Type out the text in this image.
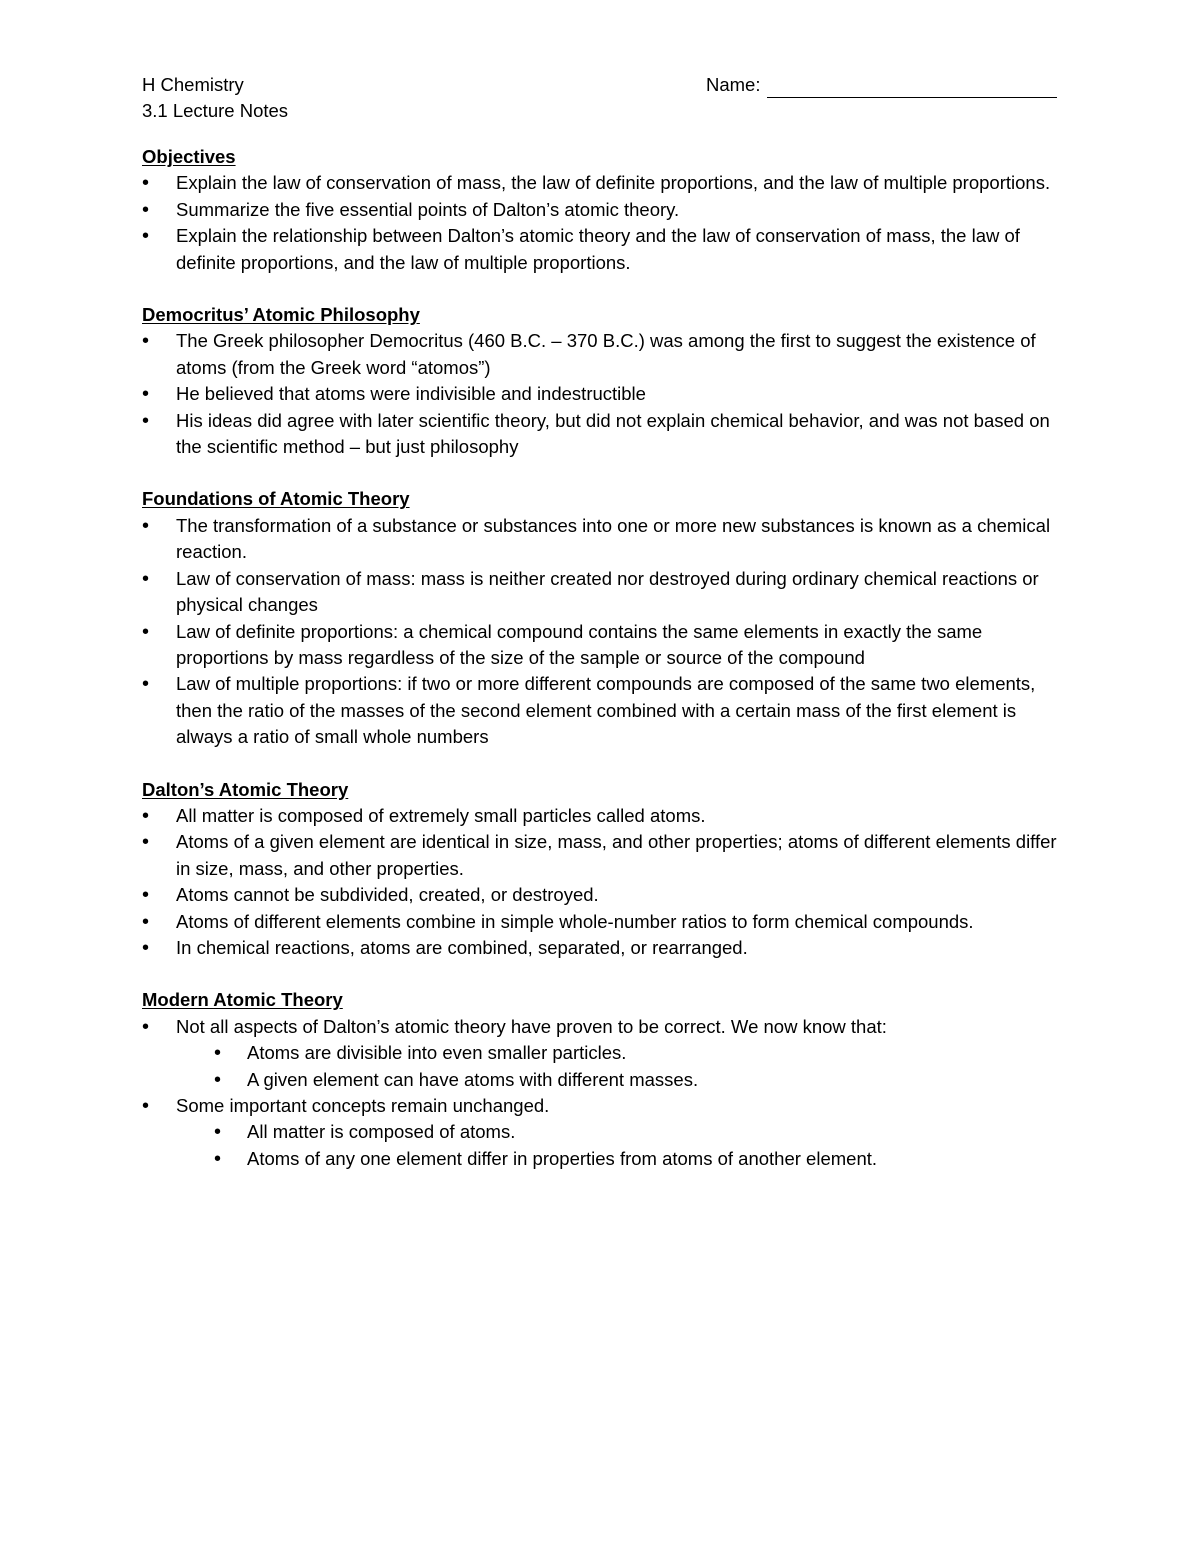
H Chemistry
3.1 Lecture Notes
Name:
Objectives
• Explain the law of conservation of mass, the law of definite proportions, and the law of multiple proportions.
• Summarize the five essential points of Dalton’s atomic theory.
• Explain the relationship between Dalton’s atomic theory and the law of conservation of mass, the law of definite proportions, and the law of multiple proportions.
Democritus’ Atomic Philosophy
• The Greek philosopher Democritus (460 B.C. – 370 B.C.) was among the first to suggest the existence of atoms (from the Greek word “atomos”)
• He believed that atoms were indivisible and indestructible
• His ideas did agree with later scientific theory, but did not explain chemical behavior, and was not based on the scientific method – but just philosophy
Foundations of Atomic Theory
• The transformation of a substance or substances into one or more new substances is known as a chemical reaction.
• Law of conservation of mass: mass is neither created nor destroyed during ordinary chemical reactions or physical changes
• Law of definite proportions: a chemical compound contains the same elements in exactly the same proportions by mass regardless of the size of the sample or source of the compound
• Law of multiple proportions: if two or more different compounds are composed of the same two elements, then the ratio of the masses of the second element combined with a certain mass of the first element is always a ratio of small whole numbers
Dalton’s Atomic Theory
• All matter is composed of extremely small particles called atoms.
• Atoms of a given element are identical in size, mass, and other properties; atoms of different elements differ in size, mass, and other properties.
• Atoms cannot be subdivided, created, or destroyed.
• Atoms of different elements combine in simple whole-number ratios to form chemical compounds.
• In chemical reactions, atoms are combined, separated, or rearranged.
Modern Atomic Theory
• Not all aspects of Dalton’s atomic theory have proven to be correct. We now know that:
• Atoms are divisible into even smaller particles.
• A given element can have atoms with different masses.
• Some important concepts remain unchanged.
• All matter is composed of atoms.
• Atoms of any one element differ in properties from atoms of another element.
